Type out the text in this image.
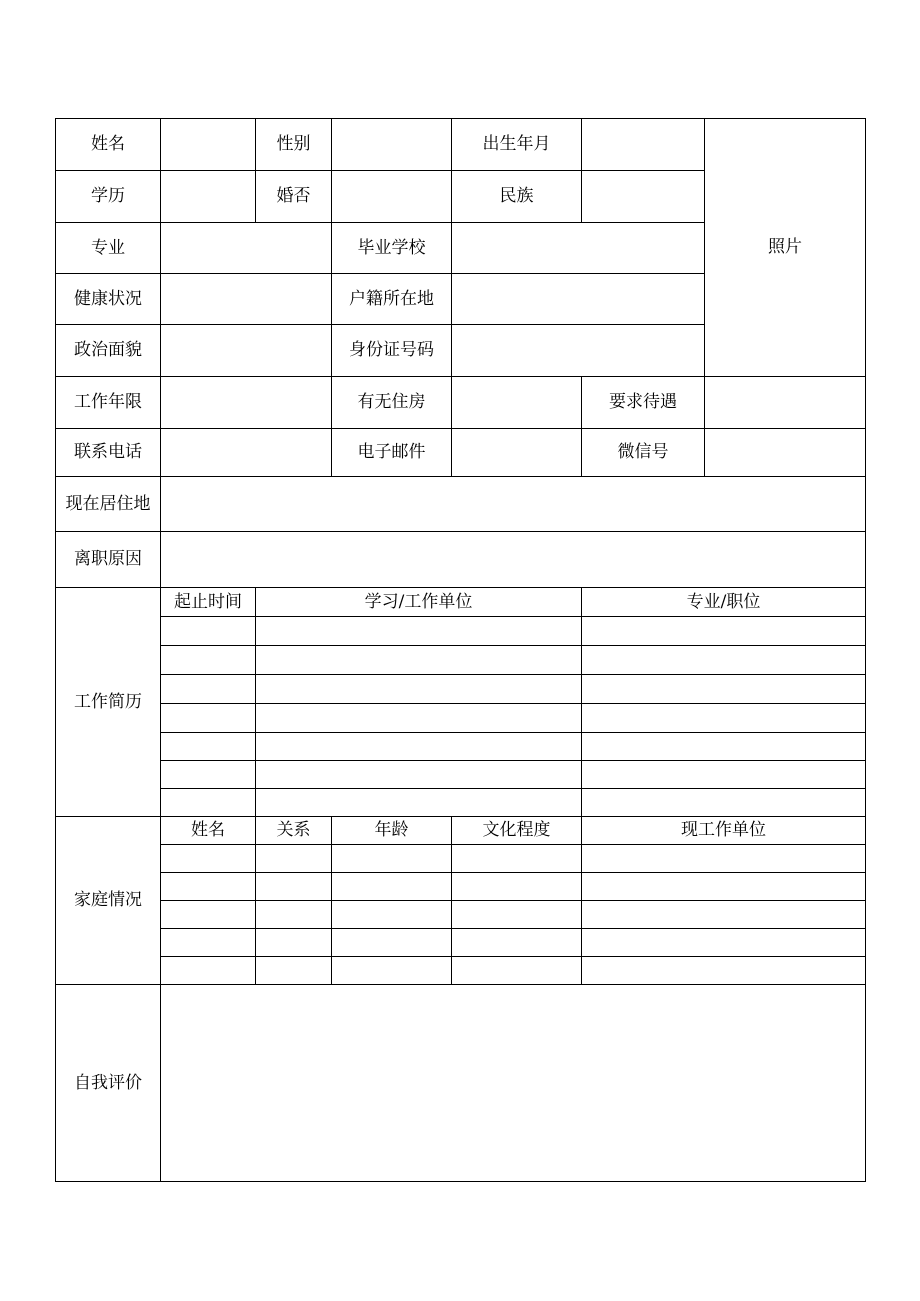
姓名		性别		出生年月		照片
学历		婚否		民族		
专业			毕业学校			
健康状况			户籍所在地			
政治面貌			身份证号码			
工作年限			有无住房		要求待遇	
联系电话			电子邮件		微信号	
现在居住地						
离职原因						
工作简历	起止时间	学习/工作单位			专业/职位	

家庭情况	姓名	关系	年龄	文化程度	现工作单位	

自我评价						
